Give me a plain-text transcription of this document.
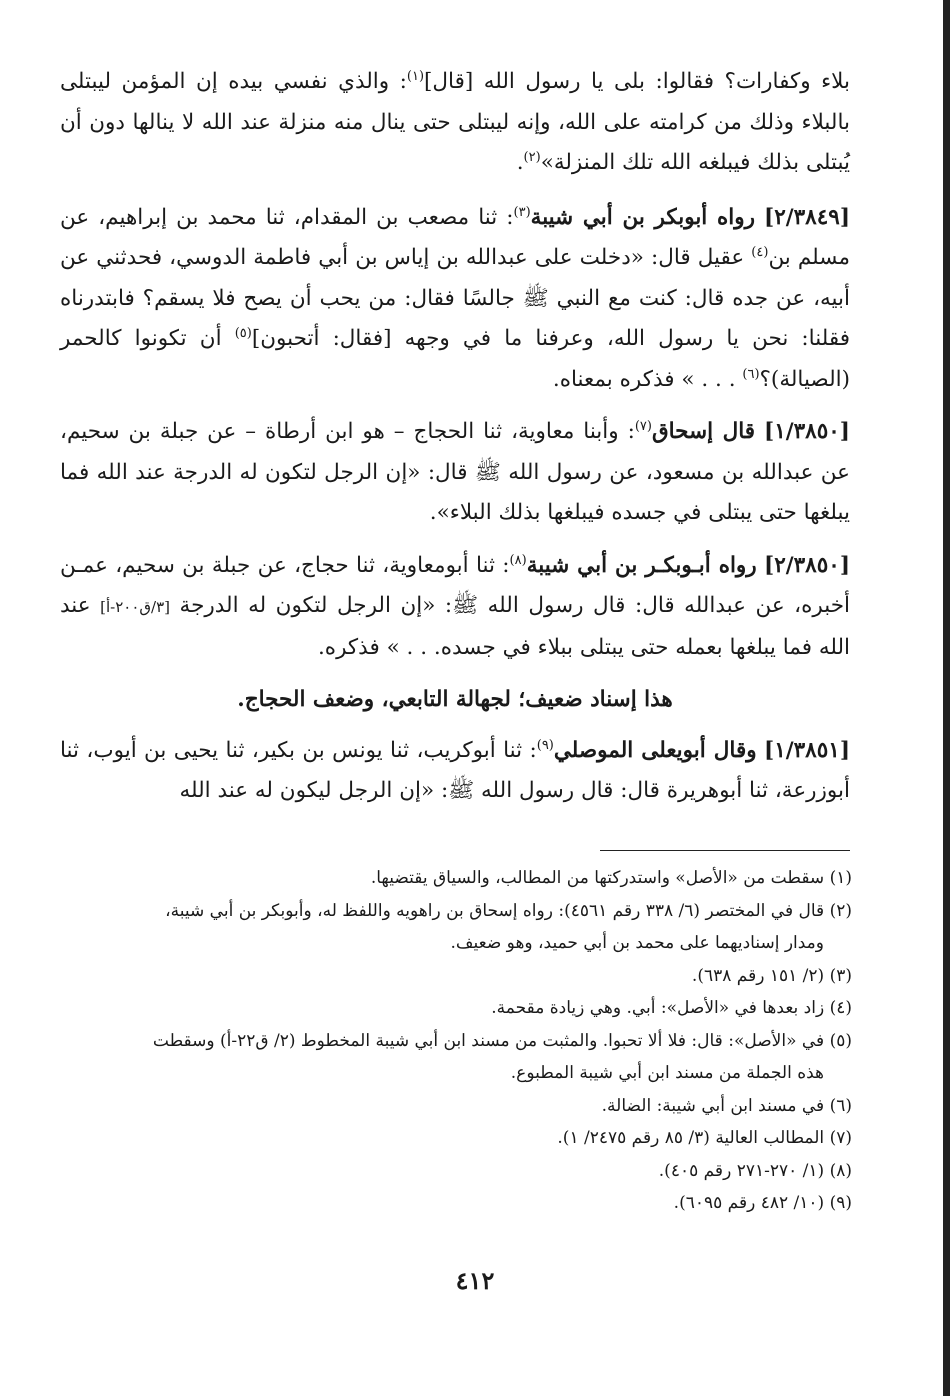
بلاء وكفارات؟ فقالوا: بلى يا رسول الله [قال]$^{(١)}$: والذي نفسي بيده إن المؤمن ليبتلى بالبلاء وذلك من كرامته على الله، وإنه ليبتلى حتى ينال منه منزلة عند الله لا ينالها دون أن يُبتلى بذلك فيبلغه الله تلك المنزلة»$^{(٢)}$.

[٢/٣٨٤٩] رواه أبوبكر بن أبي شيبة$^{(٣)}$: ثنا مصعب بن المقدام، ثنا محمد بن إبراهيم، عن مسلم بن$^{(٤)}$ عقيل قال: «دخلت على عبدالله بن إياس بن أبي فاطمة الدوسي، فحدثني عن أبيه، عن جده قال: كنت مع النبي ﷺ جالسًا فقال: من يحب أن يصح فلا يسقم؟ فابتدرناه فقلنا: نحن يا رسول الله، وعرفنا ما في وجهه [فقال: أتحبون]$^{(٥)}$ أن تكونوا كالحمر (الصيالة)؟$^{(٦)}$ . . . » فذكره بمعناه.

[١/٣٨٥٠] قال إسحاق$^{(٧)}$: وأبنا معاوية، ثنا الحجاج – هو ابن أرطاة – عن جبلة بن سحيم، عن عبدالله بن مسعود، عن رسول الله ﷺ قال: «إن الرجل لتكون له الدرجة عند الله فما يبلغها حتى يبتلى في جسده فيبلغها بذلك البلاء».

[٢/٣٨٥٠] رواه أبـوبكـر بن أبي شيبة$^{(٨)}$: ثنا أبومعاوية، ثنا حجاج، عن جبلة بن سحيم، عمـن أخبره، عن عبدالله قال: قال رسول الله ﷺ: «إن الرجل لتكون له الدرجة [٣/ق٢٠٠-أ] عند الله فما يبلغها بعمله حتى يبتلى ببلاء في جسده. . . » فذكره.

هذا إسناد ضعيف؛ لجهالة التابعي، وضعف الحجاج.

[١/٣٨٥١] وقال أبويعلى الموصلي$^{(٩)}$: ثنا أبوكريب، ثنا يونس بن بكير، ثنا يحيى بن أيوب، ثنا أبوزرعة، ثنا أبوهريرة قال: قال رسول الله ﷺ: «إن الرجل ليكون له عند الله

(١) سقطت من «الأصل» واستدركتها من المطالب، والسياق يقتضيها.
(٢) قال في المختصر (٦/ ٣٣٨ رقم ٤٥٦١): رواه إسحاق بن راهويه واللفظ له، وأبوبكر بن أبي شيبة،
ومدار إسناديهما على محمد بن أبي حميد، وهو ضعيف.
(٣) (٢/ ١٥١ رقم ٦٣٨).
(٤) زاد بعدها في «الأصل»: أبي. وهي زيادة مقحمة.
(٥) في «الأصل»: قال: فلا ألا تحبوا. والمثبت من مسند ابن أبي شيبة المخطوط (٢/ ق٢٢-أ) وسقطت
هذه الجملة من مسند ابن أبي شيبة المطبوع.
(٦) في مسند ابن أبي شيبة: الضالة.
(٧) المطالب العالية (٣/ ٨٥ رقم ٢٤٧٥/ ١).
(٨) (١/ ٢٧٠-٢٧١ رقم ٤٠٥).
(٩) (١٠/ ٤٨٢ رقم ٦٠٩٥).
٤١٢
